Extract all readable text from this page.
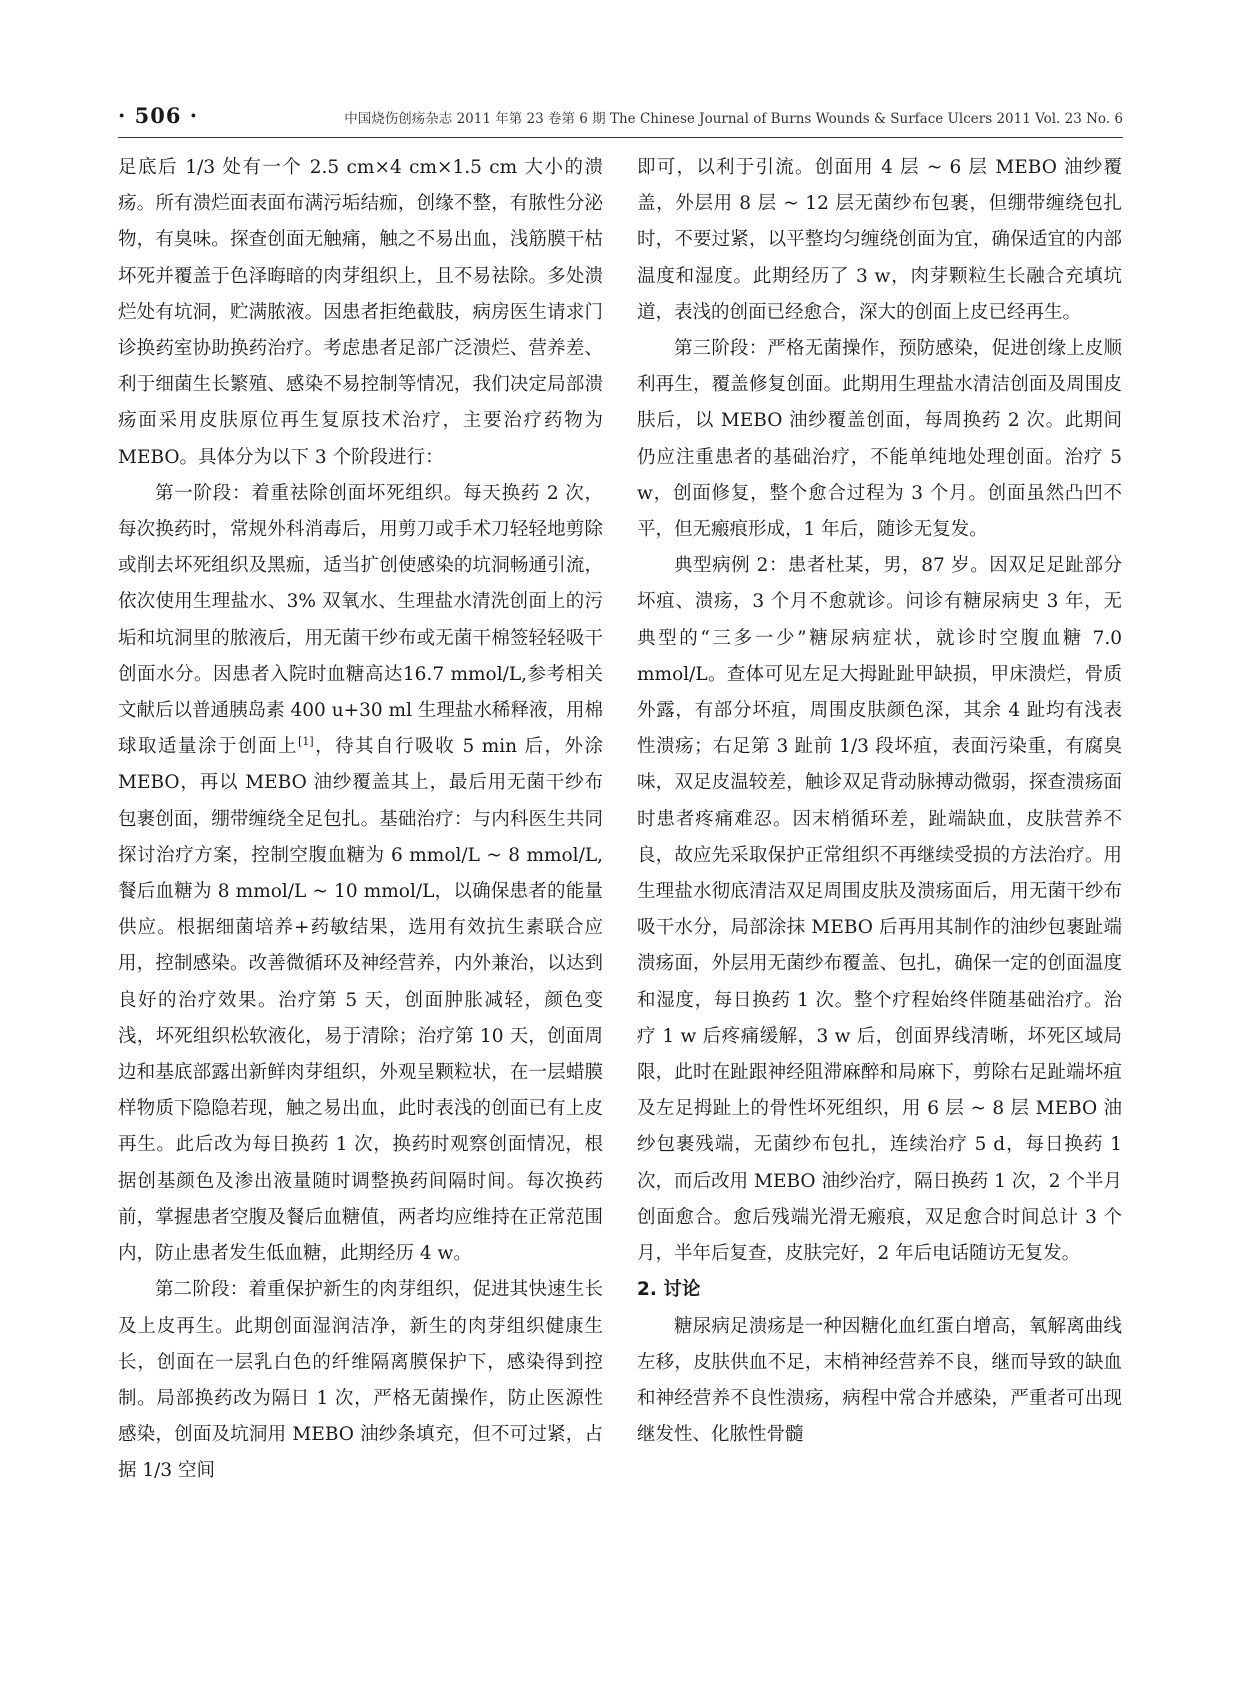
· 506 ·	中国烧伤创疡杂志 2011 年第 23 卷第 6 期 The Chinese Journal of Burns Wounds & Surface Ulcers 2011 Vol. 23 No. 6

足底后 1/3 处有一个 2.5 cm×4 cm×1.5 cm 大小的溃疡。所有溃烂面表面布满污垢结痂，创缘不整，有脓性分泌物，有臭味。探查创面无触痛，触之不易出血，浅筋膜干枯坏死并覆盖于色泽晦暗的肉芽组织上，且不易祛除。多处溃烂处有坑洞，贮满脓液。因患者拒绝截肢，病房医生请求门诊换药室协助换药治疗。考虑患者足部广泛溃烂、营养差、利于细菌生长繁殖、感染不易控制等情况，我们决定局部溃疡面采用皮肤原位再生复原技术治疗，主要治疗药物为 MEBO。具体分为以下 3 个阶段进行：

第一阶段：着重祛除创面坏死组织。每天换药 2 次，每次换药时，常规外科消毒后，用剪刀或手术刀轻轻地剪除或削去坏死组织及黑痂，适当扩创使感染的坑洞畅通引流，依次使用生理盐水、3% 双氧水、生理盐水清洗创面上的污垢和坑洞里的脓液后，用无菌干纱布或无菌干棉签轻轻吸干创面水分。因患者入院时血糖高达16.7 mmol/L,参考相关文献后以普通胰岛素 400 u+30 ml 生理盐水稀释液，用棉球取适量涂于创面上[1]，待其自行吸收 5 min 后，外涂 MEBO，再以 MEBO 油纱覆盖其上，最后用无菌干纱布包裹创面，绷带缠绕全足包扎。基础治疗：与内科医生共同探讨治疗方案，控制空腹血糖为 6 mmol/L ~ 8 mmol/L,餐后血糖为 8 mmol/L ~ 10 mmol/L，以确保患者的能量供应。根据细菌培养+药敏结果，选用有效抗生素联合应用，控制感染。改善微循环及神经营养，内外兼治，以达到良好的治疗效果。治疗第 5 天，创面肿胀减轻，颜色变浅，坏死组织松软液化，易于清除；治疗第 10 天，创面周边和基底部露出新鲜肉芽组织，外观呈颗粒状，在一层蜡膜样物质下隐隐若现，触之易出血，此时表浅的创面已有上皮再生。此后改为每日换药 1 次，换药时观察创面情况，根据创基颜色及渗出液量随时调整换药间隔时间。每次换药前，掌握患者空腹及餐后血糖值，两者均应维持在正常范围内，防止患者发生低血糖，此期经历 4 w。

第二阶段：着重保护新生的肉芽组织，促进其快速生长及上皮再生。此期创面湿润洁净，新生的肉芽组织健康生长，创面在一层乳白色的纤维隔离膜保护下，感染得到控制。局部换药改为隔日 1 次，严格无菌操作，防止医源性感染，创面及坑洞用 MEBO 油纱条填充，但不可过紧，占据 1/3 空间

即可，以利于引流。创面用 4 层 ~ 6 层 MEBO 油纱覆盖，外层用 8 层 ~ 12 层无菌纱布包裹，但绷带缠绕包扎时，不要过紧，以平整均匀缠绕创面为宜，确保适宜的内部温度和湿度。此期经历了 3 w，肉芽颗粒生长融合充填坑道，表浅的创面已经愈合，深大的创面上皮已经再生。

第三阶段：严格无菌操作，预防感染，促进创缘上皮顺利再生，覆盖修复创面。此期用生理盐水清洁创面及周围皮肤后，以 MEBO 油纱覆盖创面，每周换药 2 次。此期间仍应注重患者的基础治疗，不能单纯地处理创面。治疗 5 w，创面修复，整个愈合过程为 3 个月。创面虽然凸凹不平，但无瘢痕形成，1 年后，随诊无复发。

典型病例 2：患者杜某，男，87 岁。因双足足趾部分坏疽、溃疡，3 个月不愈就诊。问诊有糖尿病史 3 年，无典型的“三多一少”糖尿病症状，就诊时空腹血糖 7.0 mmol/L。查体可见左足大拇趾趾甲缺损，甲床溃烂，骨质外露，有部分坏疽，周围皮肤颜色深，其余 4 趾均有浅表性溃疡；右足第 3 趾前 1/3 段坏疽，表面污染重，有腐臭味，双足皮温较差，触诊双足背动脉搏动微弱，探查溃疡面时患者疼痛难忍。因末梢循环差，趾端缺血，皮肤营养不良，故应先采取保护正常组织不再继续受损的方法治疗。用生理盐水彻底清洁双足周围皮肤及溃疡面后，用无菌干纱布吸干水分，局部涂抹 MEBO 后再用其制作的油纱包裹趾端溃疡面，外层用无菌纱布覆盖、包扎，确保一定的创面温度和湿度，每日换药 1 次。整个疗程始终伴随基础治疗。治疗 1 w 后疼痛缓解，3 w 后，创面界线清晰，坏死区域局限，此时在趾跟神经阻滞麻醉和局麻下，剪除右足趾端坏疽及左足拇趾上的骨性坏死组织，用 6 层 ~ 8 层 MEBO 油纱包裹残端，无菌纱布包扎，连续治疗 5 d，每日换药 1 次，而后改用 MEBO 油纱治疗，隔日换药 1 次，2 个半月创面愈合。愈后残端光滑无瘢痕，双足愈合时间总计 3 个月，半年后复查，皮肤完好，2 年后电话随访无复发。

2. 讨论

糖尿病足溃疡是一种因糖化血红蛋白增高，氧解离曲线左移，皮肤供血不足，末梢神经营养不良，继而导致的缺血和神经营养不良性溃疡，病程中常合并感染，严重者可出现继发性、化脓性骨髓
